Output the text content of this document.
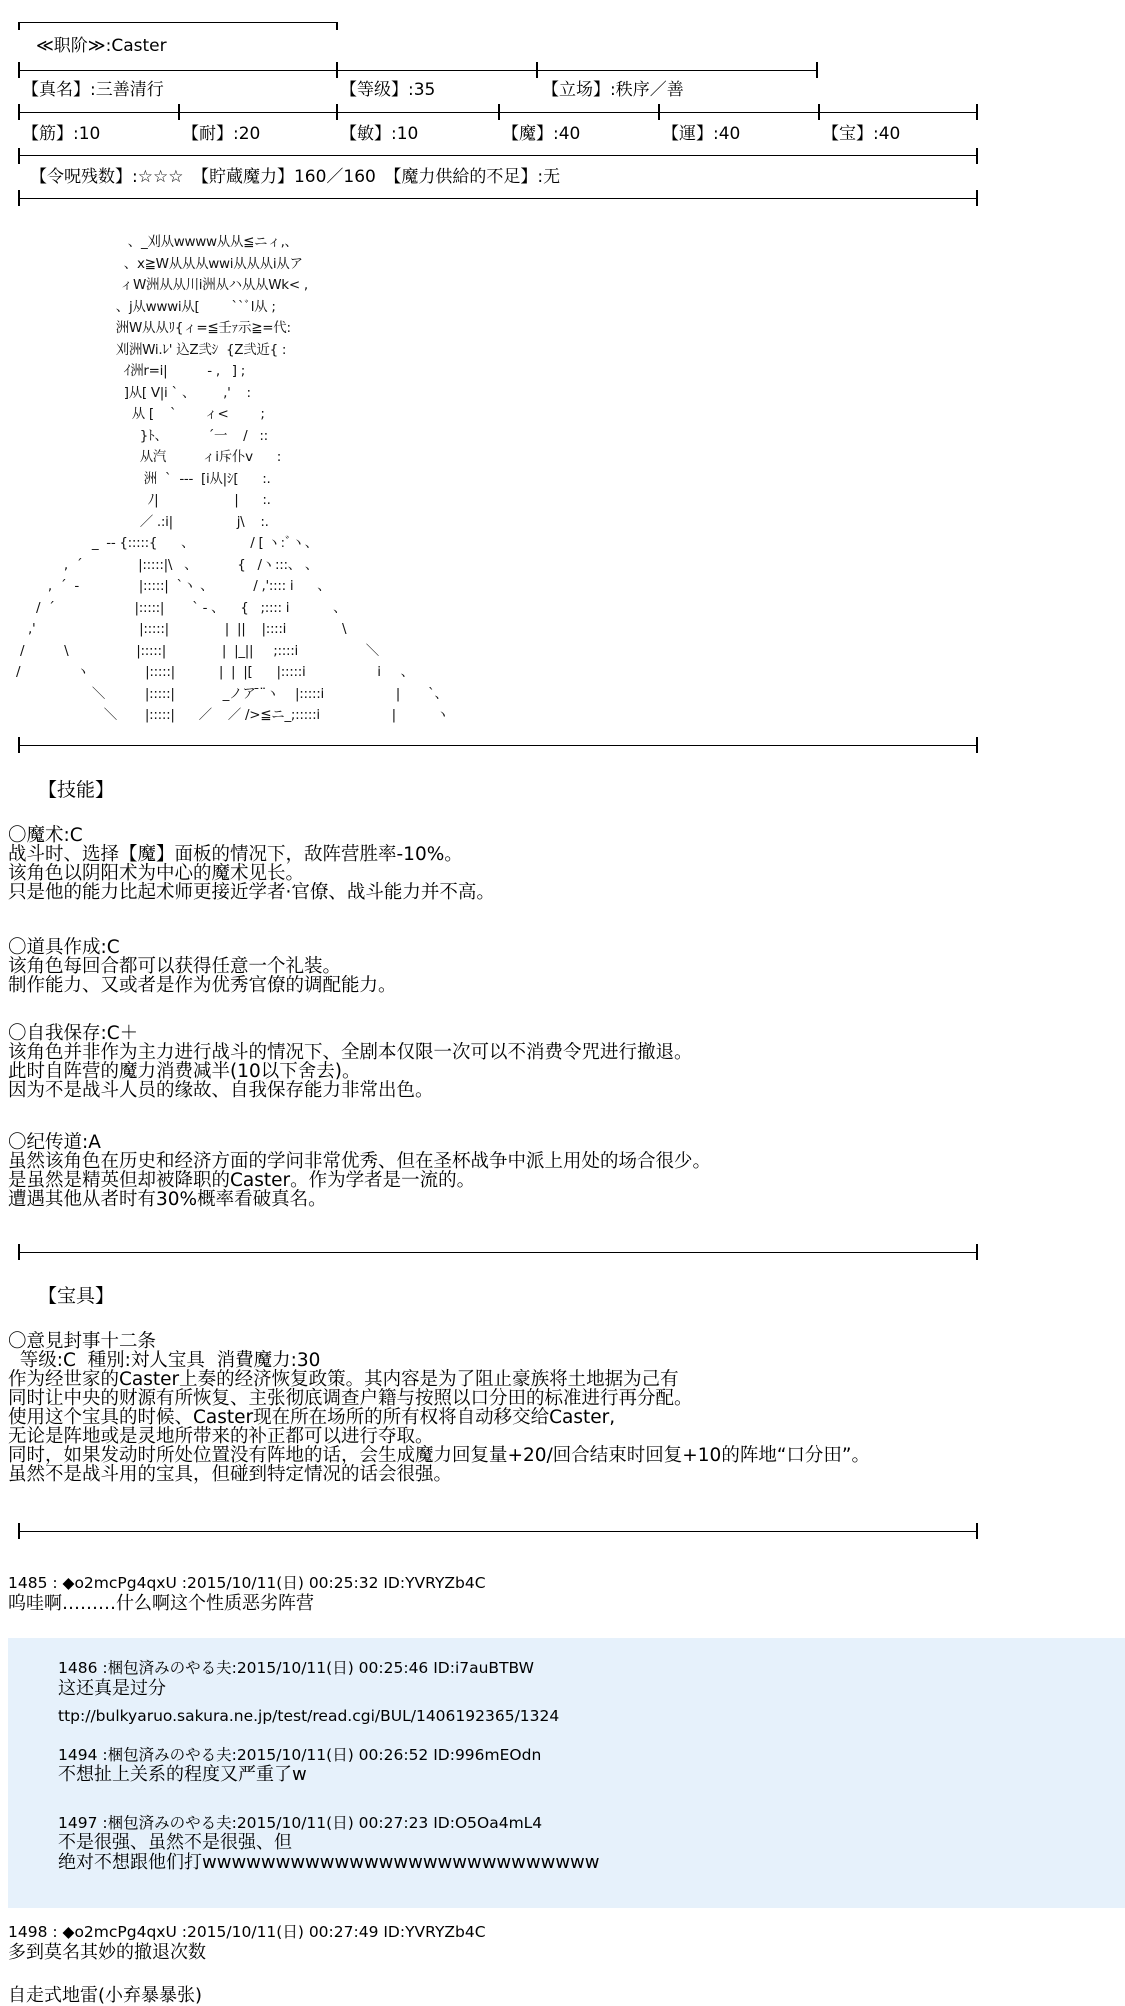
≪职阶≫:Caster
【真名】:三善清行	【等级】:35	【立场】:秩序／善
【筋】:10	【耐】:20	【敏】:10	【魔】:40	【運】:40	【宝】:40
【令呪残数】:☆☆☆　【貯蔵魔力】160／160　【魔力供給的不足】:无
、_刈从wwww从从≦ニィ,、
、x≧W从从从wwi从从从i从ア
ィW洲从从川i洲从ハ从从Wk< ,
、j从wwwi从[        ``ﾞl从 ;
洲W从从ﾘ{ィ=≦壬ｧ示≧=代:
刈洲Wi.ﾚ' 込Z弐ｼ  {Z弐近{ :
ｲ洲r=i|          - ,   ] ;
]从[ V|i ` 、       ,'    :
从 [    `       ィ<        ;
}ﾄ、          ´一    /   ::
从汽         ィi斥仆v      :
洲  `  ---  [i从|ｼ[      :.
ﾉ|                   |      :.
／ .:i|                j\    :.
_  -- {:::::{      、              / [ ヽ:ﾞヽ、
,  ´              |:::::|\   、          {   /ヽ:::、 、
,  ´  -               |:::::|  `ヽ 、          / ,':::: i      、
/  ´                    |:::::|       ` ‐ 、    {   ;:::: i           、
,'                          |:::::|              |  ||    |::::i              \
/          \                 |:::::|              |  |_||     ;::::i                 ＼
/              ヽ              |:::::|           |  |  |[      |:::::i                  i     、
＼          |:::::|            _ノア ̄¨ヽ    |:::::i                  |       `、
＼       |:::::|      ／    ／ />≦ニ_;:::::i                  |          ヽ
【技能】
〇魔术:C
战斗时、选择【魔】面板的情况下，敌阵营胜率-10%。
该角色以阴阳术为中心的魔术见长。
只是他的能力比起术师更接近学者·官僚、战斗能力并不高。
〇道具作成:C
该角色每回合都可以获得任意一个礼装。
制作能力、又或者是作为优秀官僚的调配能力。
〇自我保存:C＋
该角色并非作为主力进行战斗的情况下、全剧本仅限一次可以不消费令咒进行撤退。
此时自阵营的魔力消费减半(10以下舍去)。
因为不是战斗人员的缘故、自我保存能力非常出色。
〇纪传道:A
虽然该角色在历史和经济方面的学问非常优秀、但在圣杯战争中派上用处的场合很少。
是虽然是精英但却被降职的Caster。作为学者是一流的。
遭遇其他从者时有30%概率看破真名。
【宝具】
〇意見封事十二条
等级:C  種別:対人宝具  消費魔力:30
作为经世家的Caster上奏的经济恢复政策。其内容是为了阻止豪族将土地据为己有
同时让中央的财源有所恢复、主张彻底调查户籍与按照以口分田的标准进行再分配。
使用这个宝具的时候、Caster现在所在场所的所有权将自动移交给Caster,
无论是阵地或是灵地所带来的补正都可以进行夺取。
同时，如果发动时所处位置没有阵地的话，会生成魔力回复量+20/回合结束时回复+10的阵地“口分田”。
虽然不是战斗用的宝具，但碰到特定情况的话会很强。
1485 : ◆o2mcPg4qxU :2015/10/11(日) 00:25:32 ID:YVRYZb4C
呜哇啊………什么啊这个性质恶劣阵营
1486 :梱包済みのやる夫:2015/10/11(日) 00:25:46 ID:i7auBTBW
这还真是过分
ttp://bulkyaruo.sakura.ne.jp/test/read.cgi/BUL/1406192365/1324
1494 :梱包済みのやる夫:2015/10/11(日) 00:26:52 ID:996mEOdn
不想扯上关系的程度又严重了w
1497 :梱包済みのやる夫:2015/10/11(日) 00:27:23 ID:O5Oa4mL4
不是很强、虽然不是很强、但
绝对不想跟他们打wwwwwwwwwwwwwwwwwwwwwwwwwww
1498 : ◆o2mcPg4qxU :2015/10/11(日) 00:27:49 ID:YVRYZb4C
多到莫名其妙的撤退次数
自走式地雷(小弃暴暴张)
